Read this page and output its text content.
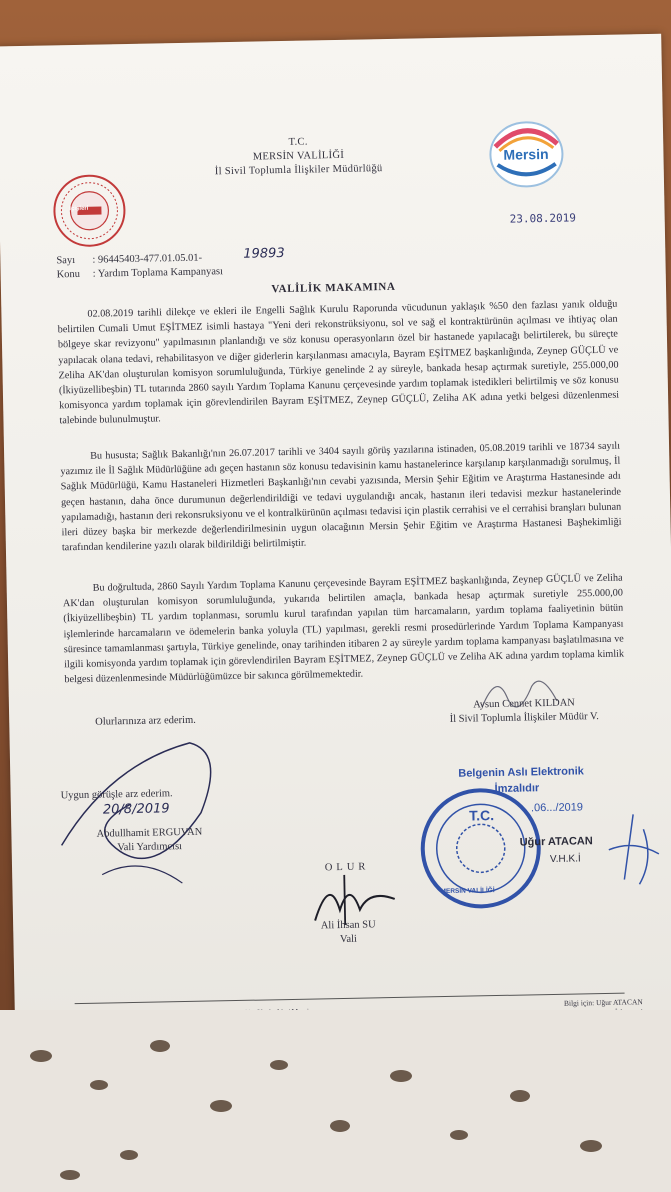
İçişleri
T.C.
MERSİN VALİLİĞİ
İl Sivil Toplumla İlişkiler Müdürlüğü
Mersin
23.08.2019
Sayı : 96445403-477.01.05.01-	19893
Konu : Yardım Toplama Kampanyası
VALİLİK MAKAMINA

02.08.2019 tarihli dilekçe ve ekleri ile Engelli Sağlık Kurulu Raporunda vücudunun yaklaşık %50 den fazlası yanık olduğu belirtilen Cumali Umut EŞİTMEZ isimli hastaya "Yeni deri rekonstrüksiyonu, sol ve sağ el kontraktürünün açılması ve ihtiyaç olan bölgeye skar revizyonu'' yapılmasının planlandığı ve söz konusu operasyonların özel bir hastanede yapılacağı belirtilerek, bu süreçte yapılacak olana tedavi, rehabilitasyon ve diğer giderlerin karşılanması amacıyla, Bayram EŞİTMEZ başkanlığında, Zeynep GÜÇLÜ ve Zeliha AK'dan oluşturulan komisyon sorumluluğunda, Türkiye genelinde 2 ay süreyle, bankada hesap açtırmak suretiyle, 255.000,00 (İkiyüzellibeşbin) TL tutarında 2860 sayılı Yardım Toplama Kanunu çerçevesinde yardım toplamak istedikleri belirtilmiş ve söz konusu komisyonca yardım toplamak için görevlendirilen Bayram EŞİTMEZ, Zeynep GÜÇLÜ, Zeliha AK adına yetki belgesi düzenlenmesi talebinde bulunulmuştur.

Bu hususta; Sağlık Bakanlığı'nın 26.07.2017 tarihli ve 3404 sayılı görüş yazılarına istinaden, 05.08.2019 tarihli ve 18734 sayılı yazımız ile İl Sağlık Müdürlüğüne adı geçen hastanın söz konusu tedavisinin kamu hastanelerince karşılanıp karşılanmadığı sorulmuş, İl Sağlık Müdürlüğü, Kamu Hastaneleri Hizmetleri Başkanlığı'nın cevabi yazısında, Mersin Şehir Eğitim ve Araştırma Hastanesinde adı geçen hastanın, daha önce durumunun değerlendirildiği ve tedavi uygulandığı ancak, hastanın ileri tedavisi mezkur hastanelerinde yapılamadığı, hastanın deri rekonsruksiyonu ve el kontralkürünün açılması tedavisi için plastik cerrahisi ve el cerrahisi branşları bulunan ileri düzey başka bir merkezde değerlendirilmesinin uygun olacağının Mersin Şehir Eğitim ve Araştırma Hastanesi Başhekimliği tarafından kendilerine yazılı olarak bildirildiği belirtilmiştir.

Bu doğrultuda, 2860 Sayılı Yardım Toplama Kanunu çerçevesinde Bayram EŞİTMEZ başkanlığında, Zeynep GÜÇLÜ ve Zeliha AK'dan oluşturulan komisyon sorumluluğunda, yukarıda belirtilen amaçla, bankada hesap açtırmak suretiyle 255.000,00 (İkiyüzellibeşbin) TL yardım toplanması, sorumlu kurul tarafından yapılan tüm harcamaların, yardım toplama faaliyetinin bütün işlemlerinde harcamaların ve ödemelerin banka yoluyla (TL) yapılması, gerekli resmi prosedürlerinde Yardım Toplama Kampanyası süresince tamamlanması şartıyla, Türkiye genelinde, onay tarihinden itibaren 2 ay süreyle yardım toplama kampanyası başlatılmasına ve ilgili komisyonda yardım toplamak için görevlendirilen Bayram EŞİTMEZ, Zeynep GÜÇLÜ ve Zeliha AK adına yardım toplama kimlik belgesi düzenlenmesinde Müdürlüğümüzce bir sakınca görülmemektedir.

Olurlarınıza arz ederim.
Aysun Cennet KILDAN
İl Sivil Toplumla İlişkiler Müdür V.
Uygun görüşle arz ederim.
20/8/2019
Abdullhamit ERGUVAN
Vali Yardımcısı
OLUR
Ali İhsan SU
Vali
Belgenin Aslı Elektronik
İmzalıdır
.06.../2019
T.C.
MERSİN VALİLİĞİ
Uğur ATACAN
V.H.K.İ
Bilgi için: Uğur ATACAN
